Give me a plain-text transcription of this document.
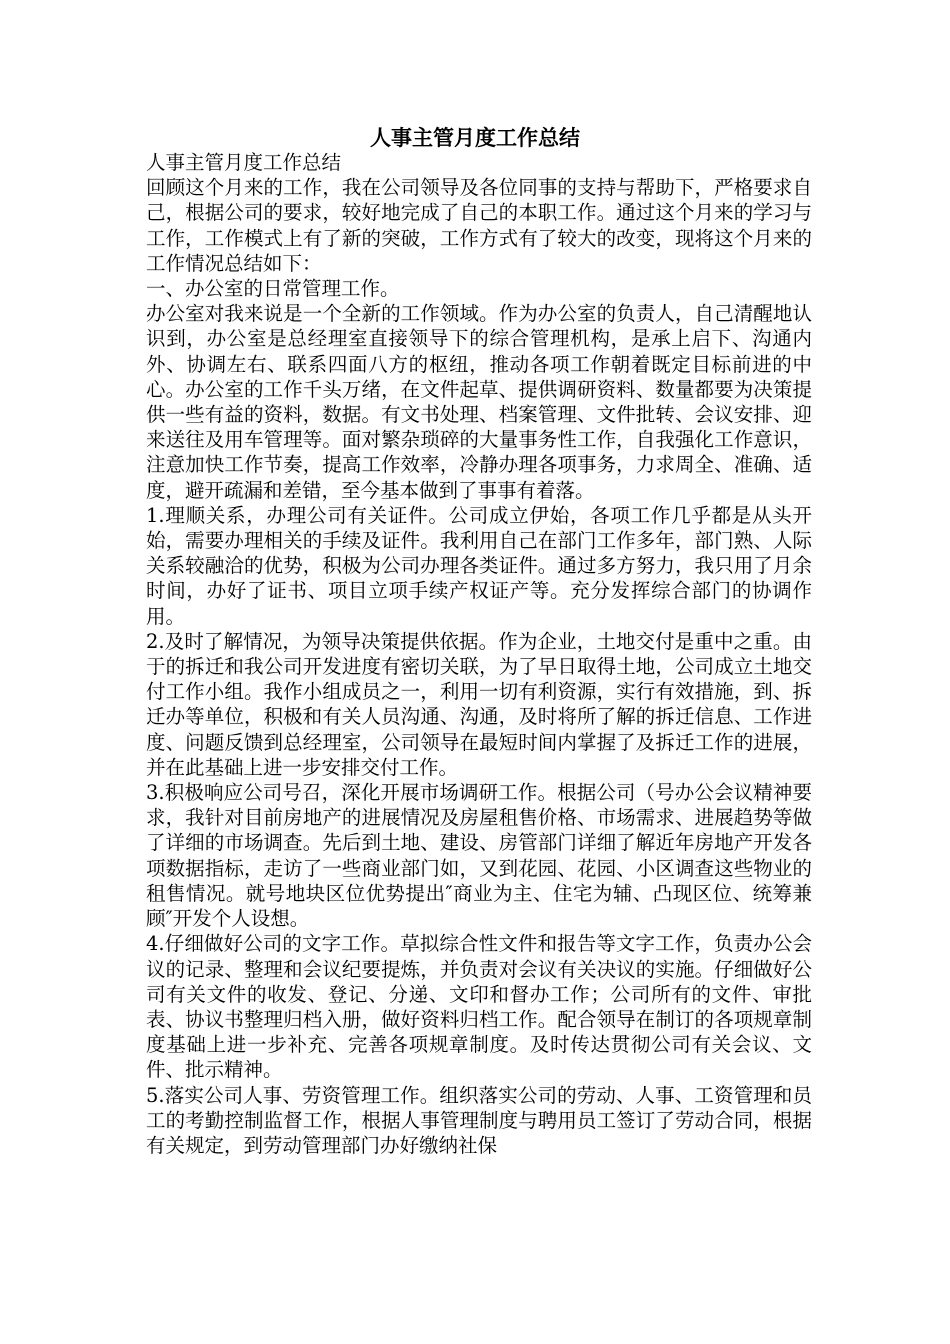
人事主管月度工作总结

人事主管月度工作总结

回顾这个月来的工作，我在公司领导及各位同事的支持与帮助下，严格要求自己，根据公司的要求，较好地完成了自己的本职工作。通过这个月来的学习与工作，工作模式上有了新的突破，工作方式有了较大的改变，现将这个月来的工作情况总结如下：

一、办公室的日常管理工作。

办公室对我来说是一个全新的工作领域。作为办公室的负责人，自己清醒地认识到，办公室是总经理室直接领导下的综合管理机构，是承上启下、沟通内外、协调左右、联系四面八方的枢纽，推动各项工作朝着既定目标前进的中心。办公室的工作千头万绪，在文件起草、提供调研资料、数量都要为决策提供一些有益的资料，数据。有文书处理、档案管理、文件批转、会议安排、迎来送往及用车管理等。面对繁杂琐碎的大量事务性工作，自我强化工作意识，注意加快工作节奏，提高工作效率，冷静办理各项事务，力求周全、准确、适度，避开疏漏和差错，至今基本做到了事事有着落。

1.理顺关系，办理公司有关证件。公司成立伊始，各项工作几乎都是从头开始，需要办理相关的手续及证件。我利用自己在部门工作多年，部门熟、人际关系较融洽的优势，积极为公司办理各类证件。通过多方努力，我只用了月余时间，办好了证书、项目立项手续产权证产等。充分发挥综合部门的协调作用。

2.及时了解情况，为领导决策提供依据。作为企业，土地交付是重中之重。由于的拆迁和我公司开发进度有密切关联，为了早日取得土地，公司成立土地交付工作小组。我作小组成员之一，利用一切有利资源，实行有效措施，到、拆迁办等单位，积极和有关人员沟通、沟通，及时将所了解的拆迁信息、工作进度、问题反馈到总经理室，公司领导在最短时间内掌握了及拆迁工作的进展，并在此基础上进一步安排交付工作。

3.积极响应公司号召，深化开展市场调研工作。根据公司（号办公会议精神要求，我针对目前房地产的进展情况及房屋租售价格、市场需求、进展趋势等做了详细的市场调查。先后到土地、建设、房管部门详细了解近年房地产开发各项数据指标，走访了一些商业部门如，又到花园、花园、小区调查这些物业的租售情况。就号地块区位优势提出″商业为主、住宅为辅、凸现区位、统筹兼顾″开发个人设想。

4.仔细做好公司的文字工作。草拟综合性文件和报告等文字工作，负责办公会议的记录、整理和会议纪要提炼，并负责对会议有关决议的实施。仔细做好公司有关文件的收发、登记、分递、文印和督办工作；公司所有的文件、审批表、协议书整理归档入册，做好资料归档工作。配合领导在制订的各项规章制度基础上进一步补充、完善各项规章制度。及时传达贯彻公司有关会议、文件、批示精神。

5.落实公司人事、劳资管理工作。组织落实公司的劳动、人事、工资管理和员工的考勤控制监督工作，根据人事管理制度与聘用员工签订了劳动合同，根据有关规定，到劳动管理部门办好缴纳社保
